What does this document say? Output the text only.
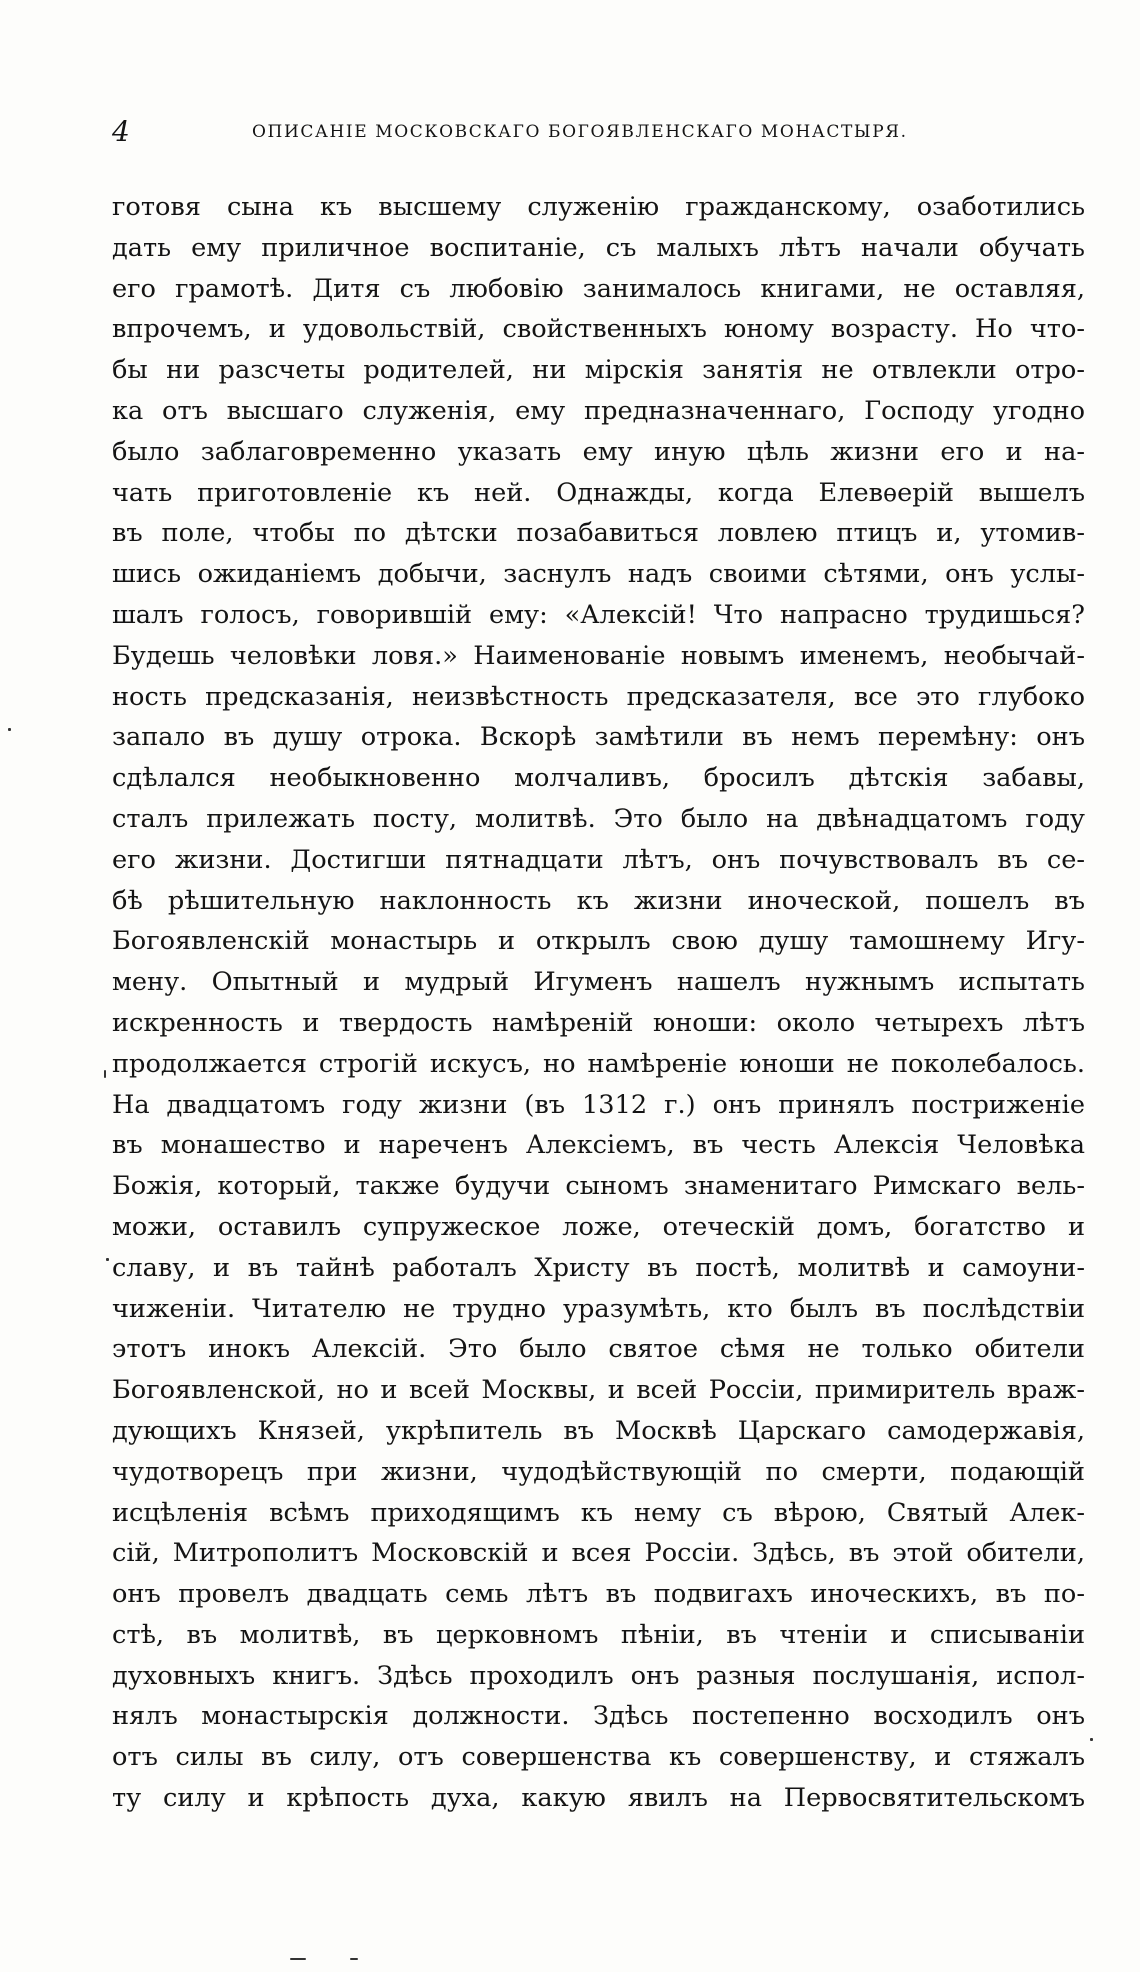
4	ОПИСАНІЕ МОСКОВСКАГО БОГОЯВЛЕНСКАГО МОНАСТЫРЯ.
готовя сына къ высшему служенію гражданскому, озаботились
дать ему приличное воспитаніе, съ малыхъ лѣтъ начали обучать
его грамотѣ. Дитя съ любовію занималось книгами, не оставляя,
впрочемъ, и удовольствій, свойственныхъ юному возрасту. Но что-
бы ни разсчеты родителей, ни мірскія занятія не отвлекли отро-
ка отъ высшаго служенія, ему предназначеннаго, Господу угодно
было заблаговременно указать ему иную цѣль жизни его и на-
чать приготовленіе къ ней. Однажды, когда Елевѳерій вышелъ
въ поле, чтобы по дѣтски позабавиться ловлею птицъ и, утомив-
шись ожиданіемъ добычи, заснулъ надъ своими сѣтями, онъ услы-
шалъ голосъ, говорившій ему: «Алексій! Что напрасно трудишься?
Будешь человѣки ловя.» Наименованіе новымъ именемъ, необычай-
ность предсказанія, неизвѣстность предсказателя, все это глубоко
запало въ душу отрока. Вскорѣ замѣтили въ немъ перемѣну: онъ
сдѣлался необыкновенно молчаливъ, бросилъ дѣтскія забавы,
сталъ прилежать посту, молитвѣ. Это было на двѣнадцатомъ году
его жизни. Достигши пятнадцати лѣтъ, онъ почувствовалъ въ се-
бѣ рѣшительную наклонность къ жизни иноческой, пошелъ въ
Богоявленскій монастырь и открылъ свою душу тамошнему Игу-
мену. Опытный и мудрый Игуменъ нашелъ нужнымъ испытать
искренность и твердость намѣреній юноши: около четырехъ лѣтъ
продолжается строгій искусъ, но намѣреніе юноши не поколебалось.
На двадцатомъ году жизни (въ 1312 г.) онъ принялъ постриженіе
въ монашество и нареченъ Алексіемъ, въ честь Алексія Человѣка
Божія, который, также будучи сыномъ знаменитаго Римскаго вель-
можи, оставилъ супружеское ложе, отеческій домъ, богатство и
славу, и въ тайнѣ работалъ Христу въ постѣ, молитвѣ и самоуни-
чиженіи. Читателю не трудно уразумѣть, кто былъ въ послѣдствіи
этотъ инокъ Алексій. Это было святое сѣмя не только обители
Богоявленской, но и всей Москвы, и всей Россіи, примиритель враж-
дующихъ Князей, укрѣпитель въ Москвѣ Царскаго самодержавія,
чудотворецъ при жизни, чудодѣйствующій по смерти, подающій
исцѣленія всѣмъ приходящимъ къ нему съ вѣрою, Святый Алек-
сій, Митрополитъ Московскій и всея Россіи. Здѣсь, въ этой обители,
онъ провелъ двадцать семь лѣтъ въ подвигахъ иноческихъ, въ по-
стѣ, въ молитвѣ, въ церковномъ пѣніи, въ чтеніи и списываніи
духовныхъ книгъ. Здѣсь проходилъ онъ разныя послушанія, испол-
нялъ монастырскія должности. Здѣсь постепенно восходилъ онъ
отъ силы въ силу, отъ совершенства къ совершенству, и стяжалъ
ту силу и крѣпость духа, какую явилъ на Первосвятительскомъ
